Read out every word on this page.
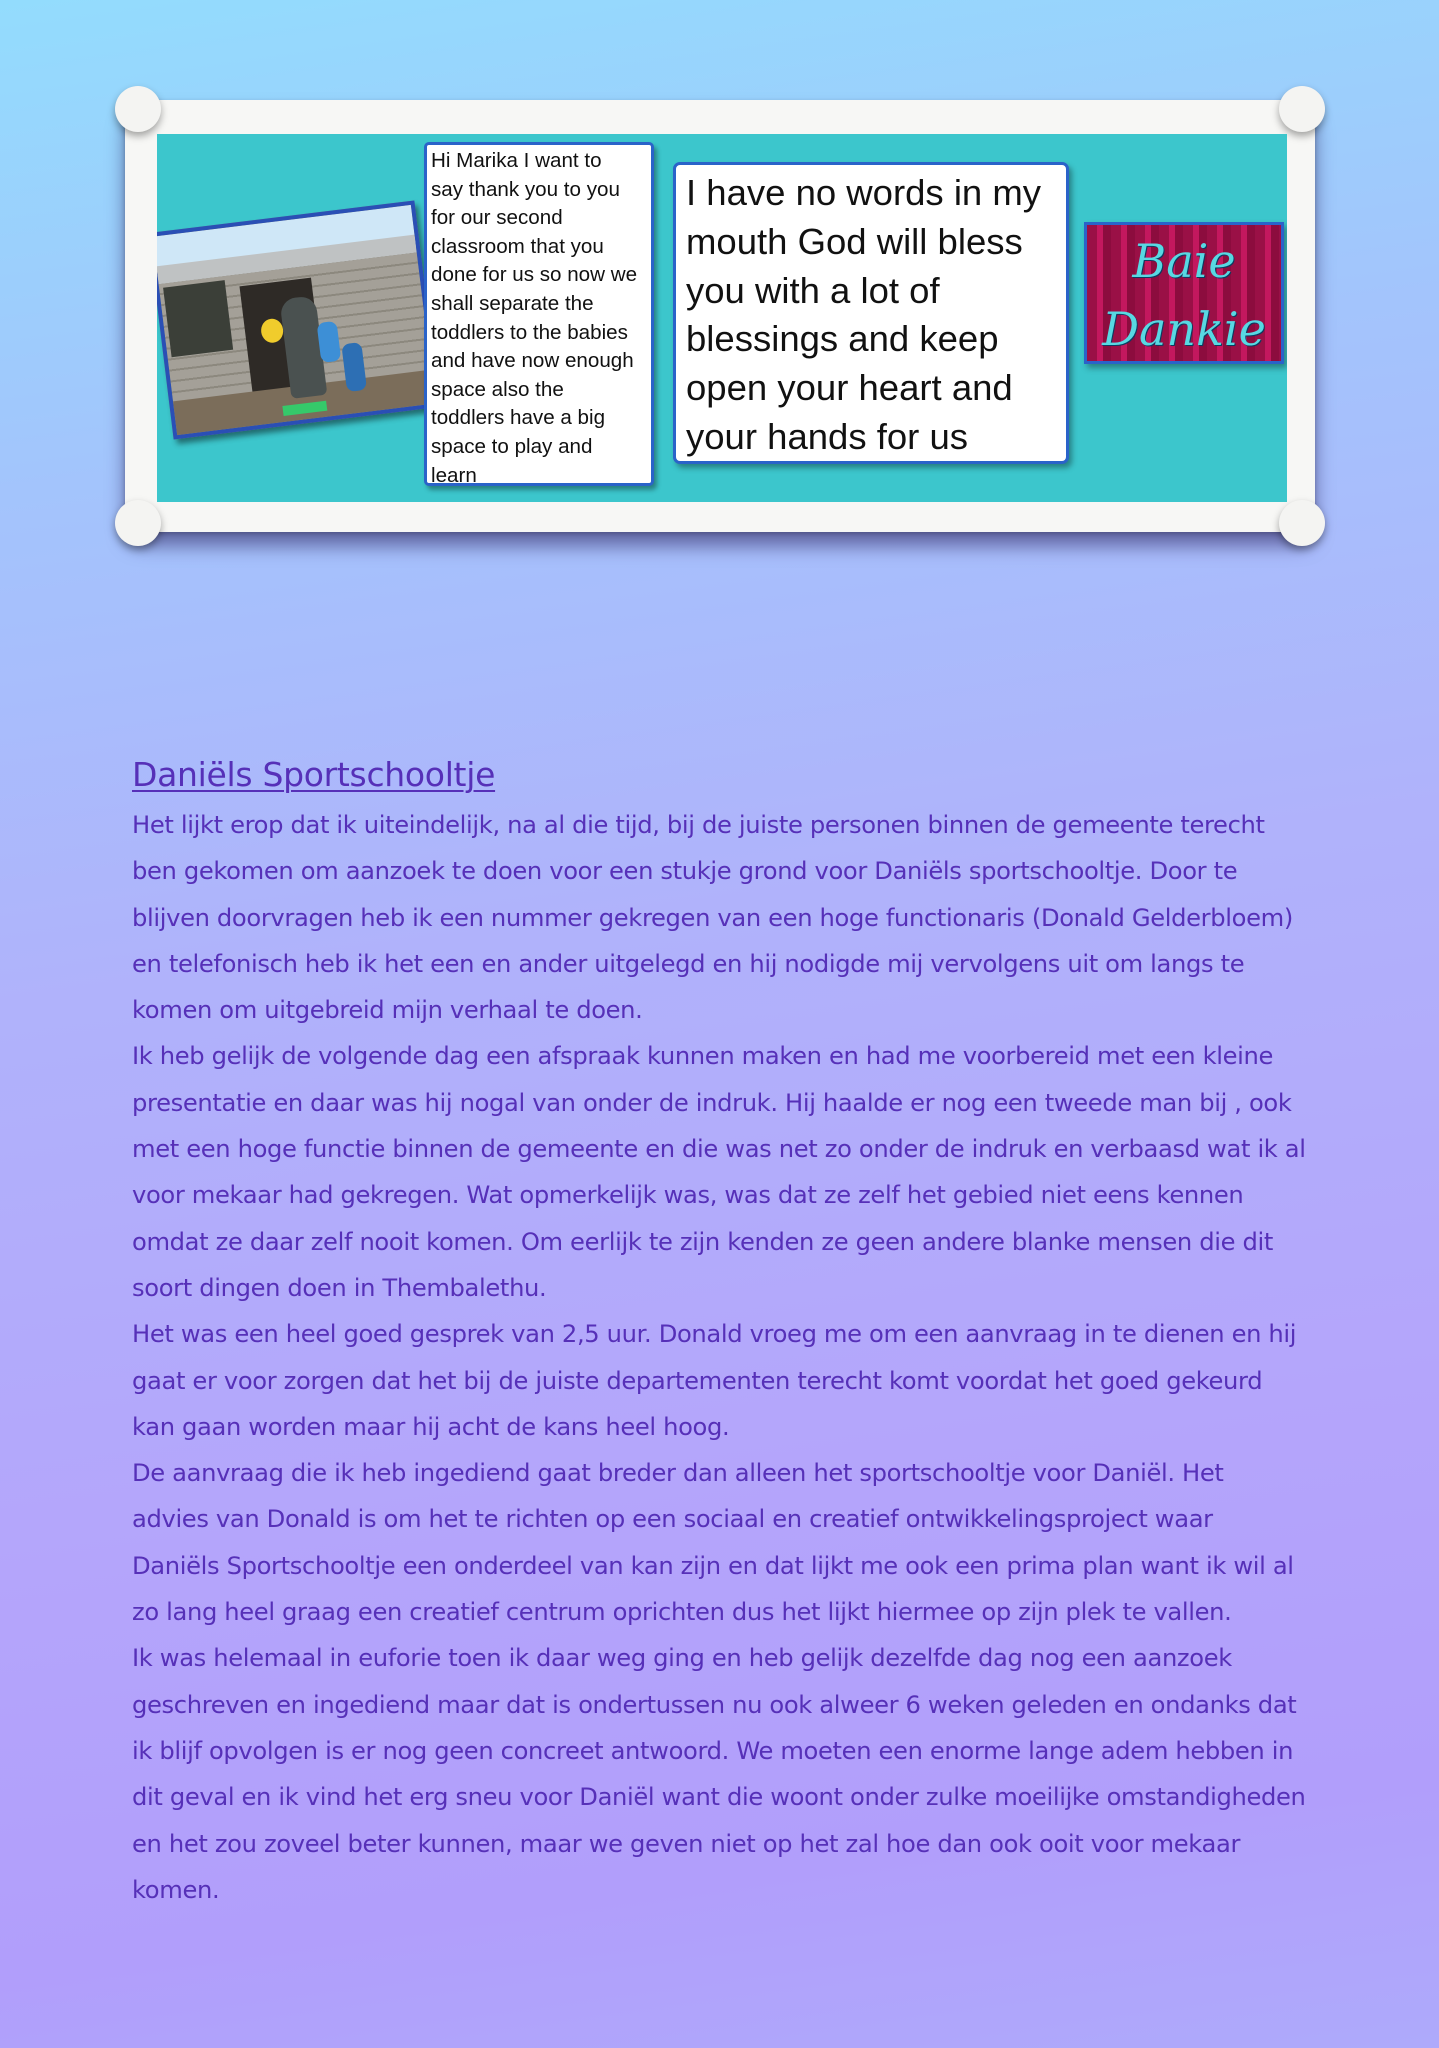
Hi Marika I want to
say thank you to you
for our second
classroom that you
done for us so now we
shall separate the
toddlers to the babies
and have now enough
space also the
toddlers have a big
space to play and
learn
I have no words in my
mouth God will bless
you with a lot of
blessings and keep
open your heart and
your hands for us
Baie
Dankie
Daniëls Sportschooltje
Het lijkt erop dat ik uiteindelijk, na al die tijd, bij de juiste personen binnen de gemeente terecht
ben gekomen om aanzoek te doen voor een stukje grond voor Daniëls sportschooltje. Door te
blijven doorvragen heb ik een nummer gekregen van een hoge functionaris (Donald Gelderbloem)
en telefonisch heb ik het een en ander uitgelegd en hij nodigde mij vervolgens uit om langs te
komen om uitgebreid mijn verhaal te doen.
Ik heb gelijk de volgende dag een afspraak kunnen maken en had me voorbereid met een kleine
presentatie en daar was hij nogal van onder de indruk. Hij haalde er nog een tweede man bij , ook
met een hoge functie binnen de gemeente en die was net zo onder de indruk en verbaasd wat ik al
voor mekaar had gekregen. Wat opmerkelijk was, was dat ze zelf het gebied niet eens kennen
omdat ze daar zelf nooit komen. Om eerlijk te zijn kenden ze geen andere blanke mensen die dit
soort dingen doen in Thembalethu.
Het was een heel goed gesprek van 2,5 uur. Donald vroeg me om een aanvraag in te dienen en hij
gaat er voor zorgen dat het bij de juiste departementen terecht komt voordat het goed gekeurd
kan gaan worden maar hij acht de kans heel hoog.
De aanvraag die ik heb ingediend gaat breder dan alleen het sportschooltje voor Daniël. Het
advies van Donald is om het te richten op een sociaal en creatief ontwikkelingsproject waar
Daniëls Sportschooltje een onderdeel van kan zijn en dat lijkt me ook een prima plan want ik wil al
zo lang heel graag een creatief centrum oprichten dus het lijkt hiermee op zijn plek te vallen.
Ik was helemaal in euforie toen ik daar weg ging en heb gelijk dezelfde dag nog een aanzoek
geschreven en ingediend maar dat is ondertussen nu ook alweer 6 weken geleden en ondanks dat
ik blijf opvolgen is er nog geen concreet antwoord. We moeten een enorme lange adem hebben in
dit geval en ik vind het erg sneu voor Daniël want die woont onder zulke moeilijke omstandigheden
en het zou zoveel beter kunnen, maar we geven niet op het zal hoe dan ook ooit voor mekaar
komen.
